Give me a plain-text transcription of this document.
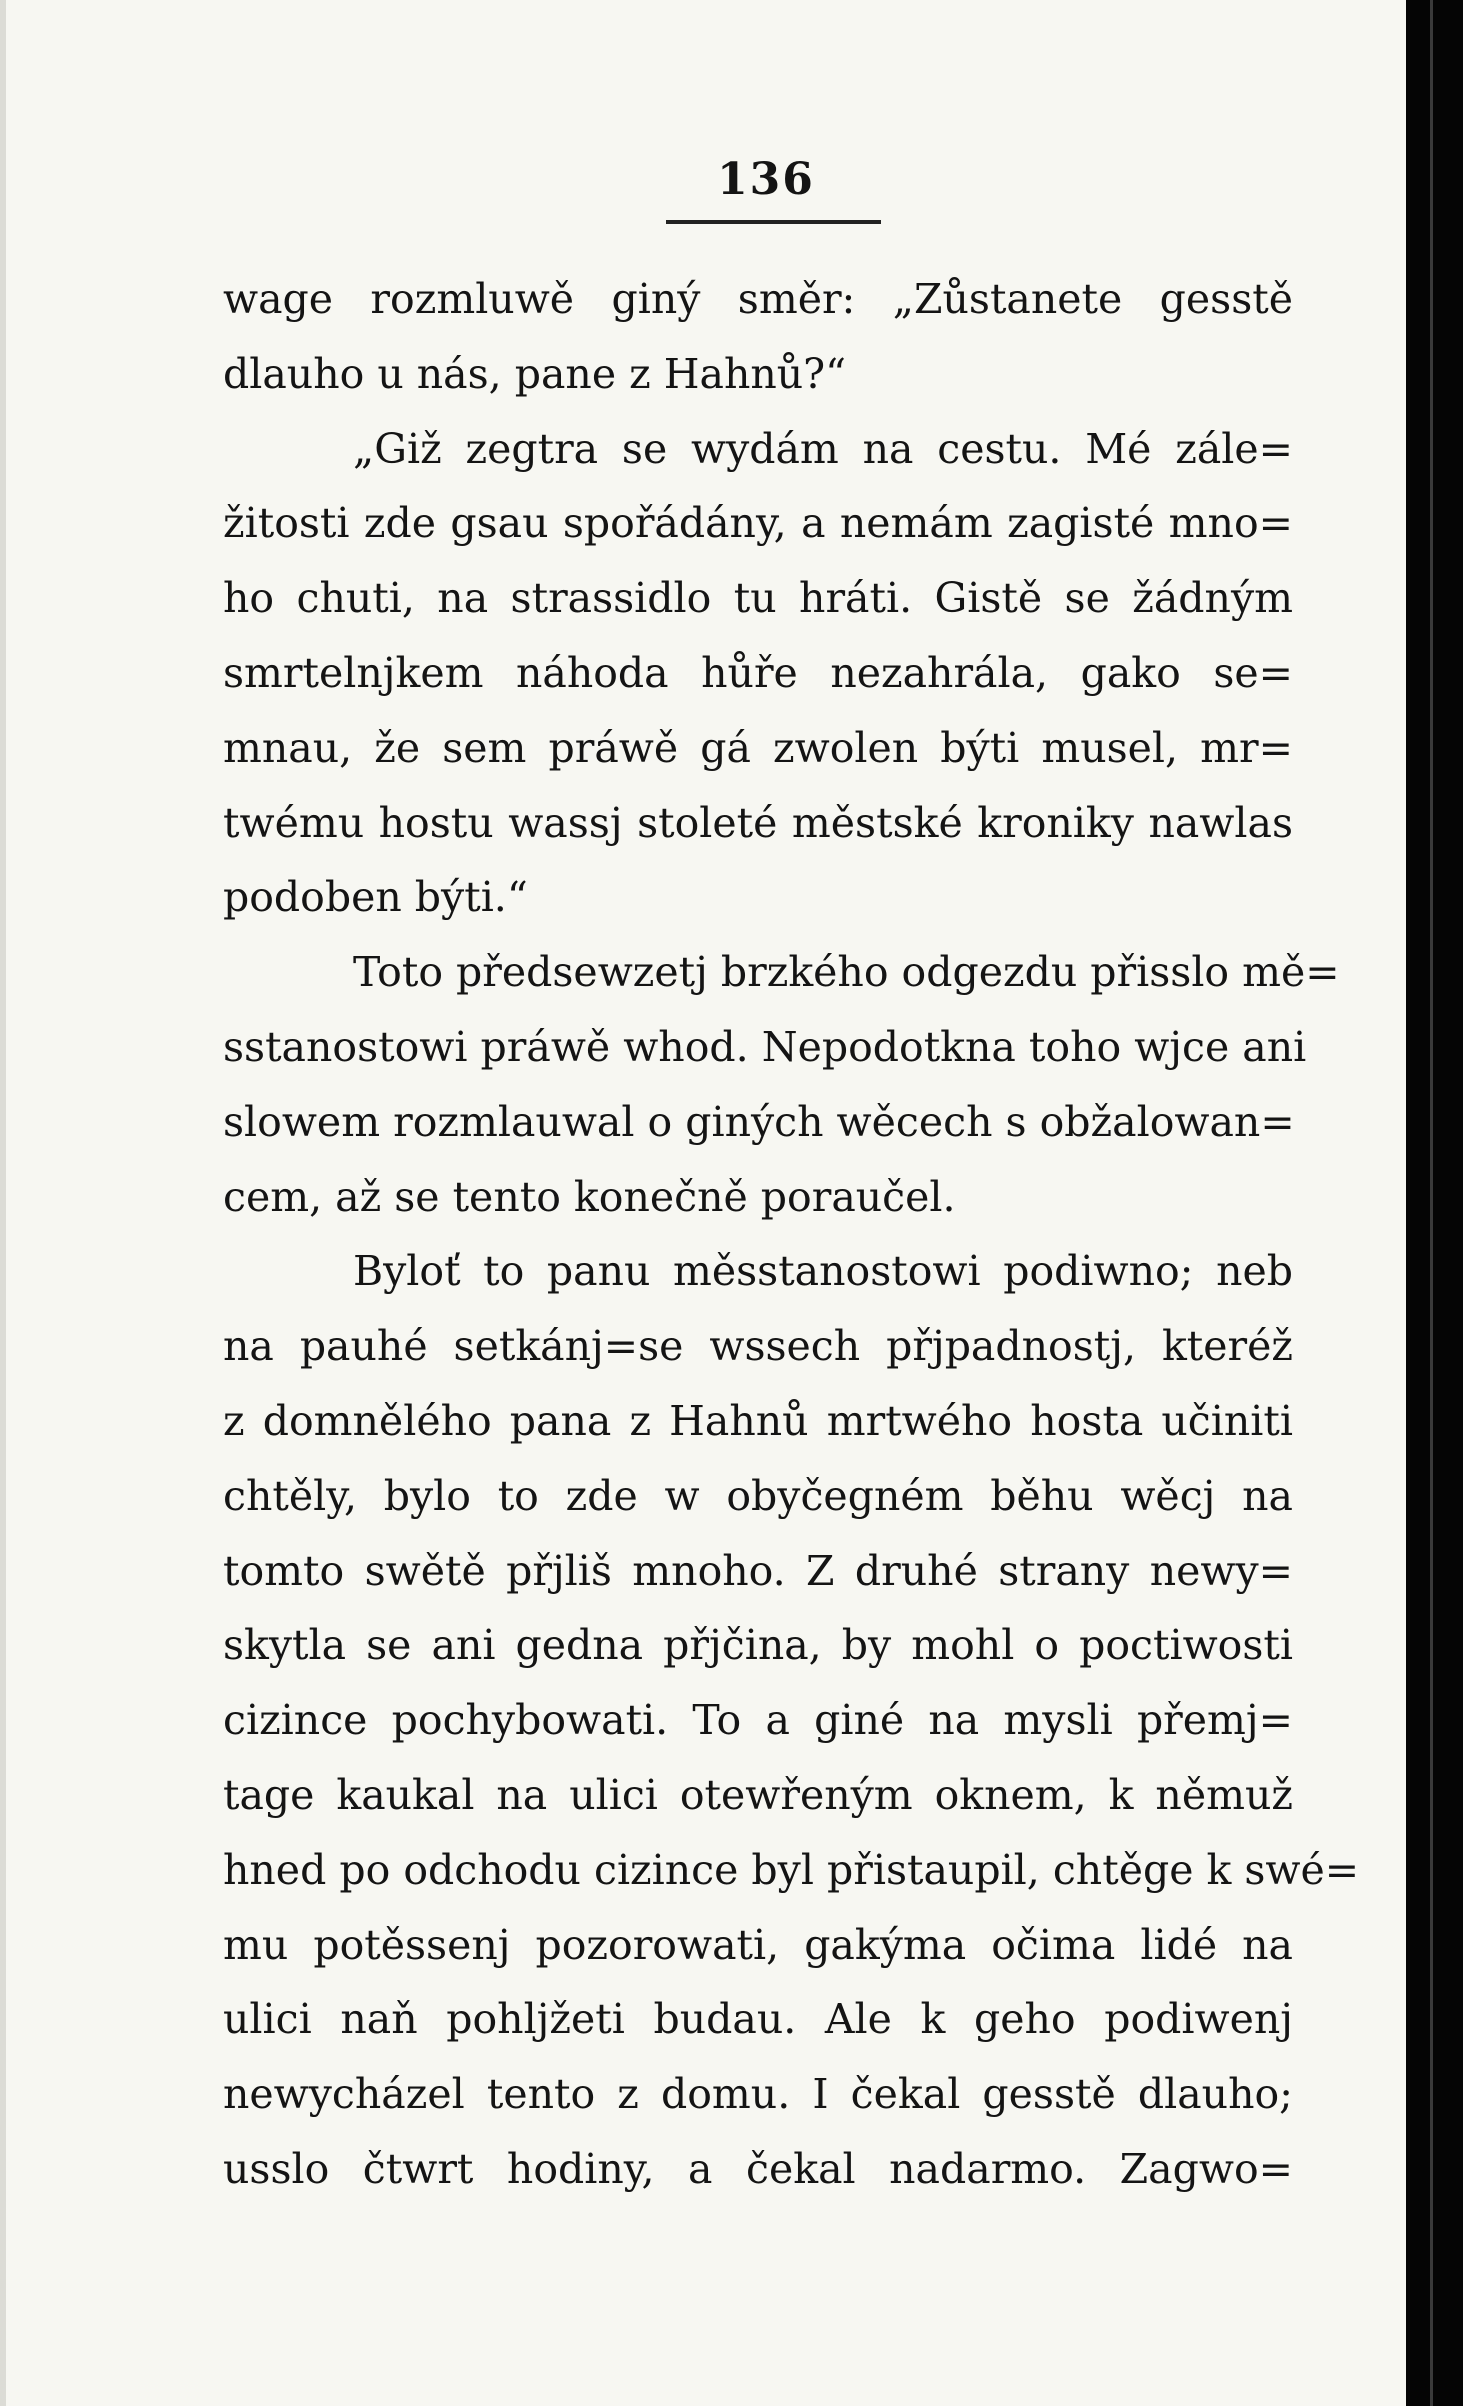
136
wage rozmluwě giný směr: „Zůstanete gesstě
dlauho u nás, pane z Hahnů?“
„Giž zegtra se wydám na cestu. Mé zále=
žitosti zde gsau spořádány, a nemám zagisté mno=
ho chuti, na strassidlo tu hráti. Gistě se žádným
smrtelnjkem náhoda hůře nezahrála, gako se=
mnau, že sem práwě gá zwolen býti musel, mr=
twému hostu wassj stoleté městské kroniky nawlas
podoben býti.“
Toto předsewzetj brzkého odgezdu přisslo mě=
sstanostowi práwě whod. Nepodotkna toho wjce ani
slowem rozmlauwal o giných wěcech s obžalowan=
cem, až se tento konečně poraučel.
Byloť to panu měsstanostowi podiwno; neb
na pauhé setkánj=se wssech přjpadnostj, kteréž
z domnělého pana z Hahnů mrtwého hosta učiniti
chtěly, bylo to zde w obyčegném běhu wěcj na
tomto swětě přjliš mnoho. Z druhé strany newy=
skytla se ani gedna přjčina, by mohl o poctiwosti
cizince pochybowati. To a giné na mysli přemj=
tage kaukal na ulici otewřeným oknem, k němuž
hned po odchodu cizince byl přistaupil, chtěge k swé=
mu potěssenj pozorowati, gakýma očima lidé na
ulici naň pohljžeti budau. Ale k geho podiwenj
newycházel tento z domu. I čekal gesstě dlauho;
usslo čtwrt hodiny, a čekal nadarmo. Zagwo=
